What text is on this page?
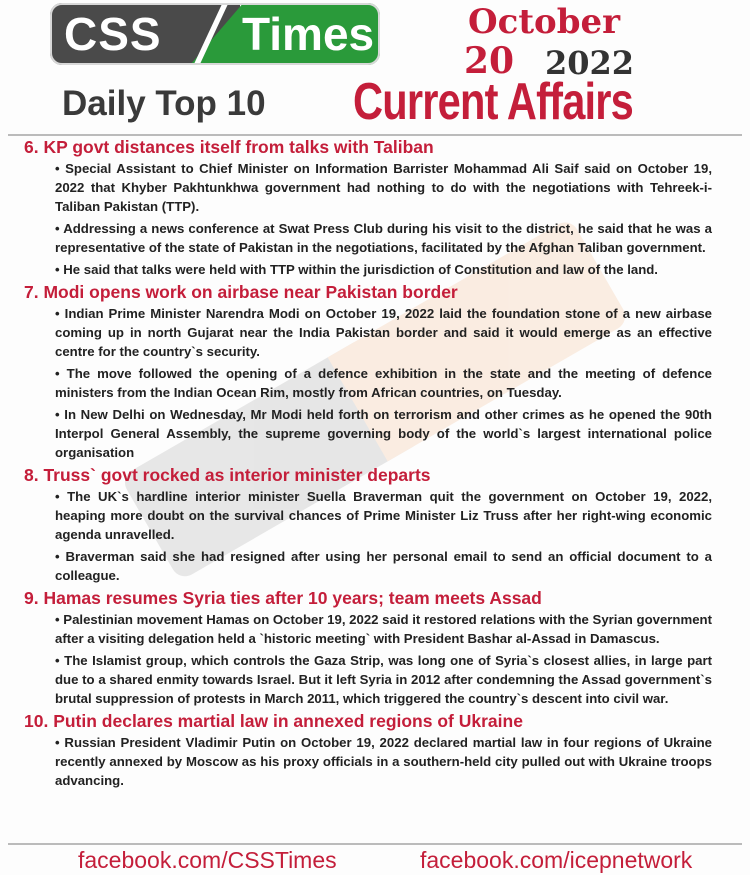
CSS Times	October
20 2022
Daily Top 10 Current Affairs
6. KP govt distances itself from talks with Taliban
• Special Assistant to Chief Minister on Information Barrister Mohammad Ali Saif said on October 19, 2022 that Khyber Pakhtunkhwa government had nothing to do with the negotiations with Tehreek-i-Taliban Pakistan (TTP).
• Addressing a news conference at Swat Press Club during his visit to the district, he said that he was a representative of the state of Pakistan in the negotiations, facilitated by the Afghan Taliban government.
• He said that talks were held with TTP within the jurisdiction of Constitution and law of the land.
7. Modi opens work on airbase near Pakistan border
• Indian Prime Minister Narendra Modi on October 19, 2022 laid the foundation stone of a new airbase coming up in north Gujarat near the India Pakistan border and said it would emerge as an effective centre for the country`s security.
• The move followed the opening of a defence exhibition in the state and the meeting of defence ministers from the Indian Ocean Rim, mostly from African countries, on Tuesday.
• In New Delhi on Wednesday, Mr Modi held forth on terrorism and other crimes as he opened the 90th Interpol General Assembly, the supreme governing body of the world`s largest international police organisation
8. Truss` govt rocked as interior minister departs
• The UK`s hardline interior minister Suella Braverman quit the government on October 19, 2022, heaping more doubt on the survival chances of Prime Minister Liz Truss after her right-wing economic agenda unravelled.
• Braverman said she had resigned after using her personal email to send an official document to a colleague.
9. Hamas resumes Syria ties after 10 years; team meets Assad
• Palestinian movement Hamas on October 19, 2022 said it restored relations with the Syrian government after a visiting delegation held a `historic meeting` with President Bashar al-Assad in Damascus.
• The Islamist group, which controls the Gaza Strip, was long one of Syria`s closest allies, in large part due to a shared enmity towards Israel. But it left Syria in 2012 after condemning the Assad government`s brutal suppression of protests in March 2011, which triggered the country`s descent into civil war.
10. Putin declares martial law in annexed regions of Ukraine
• Russian President Vladimir Putin on October 19, 2022 declared martial law in four regions of Ukraine recently annexed by Moscow as his proxy officials in a southern-held city pulled out with Ukraine troops advancing.
facebook.com/CSSTimes	facebook.com/icepnetwork
